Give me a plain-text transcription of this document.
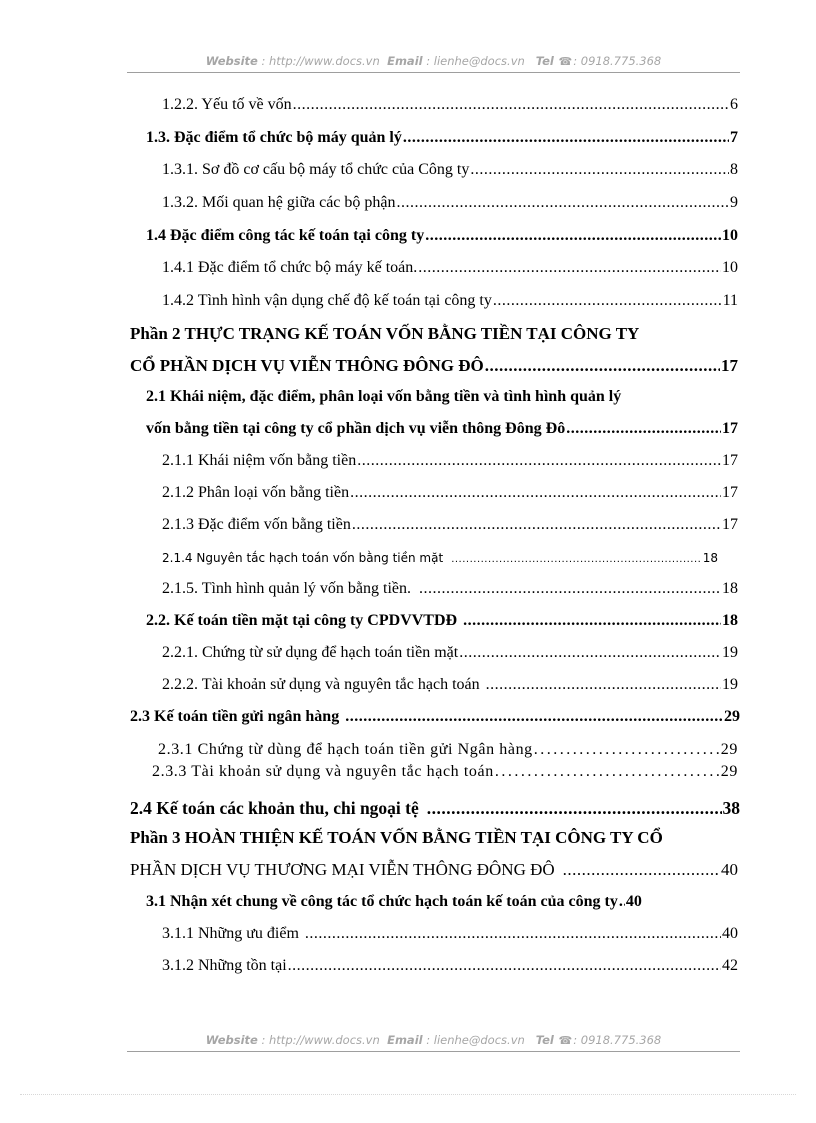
Website : http://www.docs.vn Email : lienhe@docs.vn Tel ☎: 0918.775.368
1.2.2. Yếu tố về vốn .....	6
1.3. Đặc điểm tổ chức bộ máy quản lý .....	7
1.3.1. Sơ đồ cơ cấu bộ máy tổ chức của Công ty .....	8
1.3.2. Mối quan hệ giữa các bộ phận .....	9
1.4 Đặc điểm công tác kế toán tại công ty .....	10
1.4.1 Đặc điểm tổ chức bộ máy kế toán. .....	10
1.4.2 Tình hình vận dụng chế độ kế toán tại công ty .....	11
Phần 2 THỰC TRẠNG KẾ TOÁN VỐN BẰNG TIỀN TẠI CÔNG TY
CỔ PHẦN DỊCH VỤ VIỄN THÔNG ĐÔNG ĐÔ .....	17
2.1 Khái niệm, đặc điểm, phân loại vốn bằng tiền và tình hình quản lý
vốn bằng tiền tại công ty cổ phần dịch vụ viễn thông Đông Đô .....	17
2.1.1 Khái niệm vốn bằng tiền .....	17
2.1.2 Phân loại vốn bằng tiền .....	17
2.1.3 Đặc điểm vốn bằng tiền .....	17
2.1.4 Nguyên tắc hạch toán vốn bằng tiền mặt .....	18
2.1.5. Tình hình quản lý vốn bằng tiền. .....	18
2.2. Kế toán tiền mặt tại công ty CPDVVTDĐ .....	18
2.2.1. Chứng từ sử dụng để hạch toán tiền mặt .....	19
2.2.2. Tài khoản sử dụng và nguyên tắc hạch toán .....	19
2.3 Kế toán tiền gửi ngân hàng .....	29
2.3.1 Chứng từ dùng để hạch toán tiền gửi Ngân hàng .....	29
2.3.3 Tài khoản sử dụng và nguyên tắc hạch toán .....	29
2.4 Kế toán các khoản thu, chi ngoại tệ .....	38
Phần 3 HOÀN THIỆN KẾ TOÁN VỐN BẰNG TIỀN TẠI CÔNG TY CỔ
PHẦN DỊCH VỤ THƯƠNG MẠI VIỄN THÔNG ĐÔNG ĐÔ .....	40
3.1 Nhận xét chung về công tác tổ chức hạch toán kế toán của công ty ..... 40
3.1.1 Những ưu điểm .....	40
3.1.2 Những tồn tại .....	42
Website : http://www.docs.vn Email : lienhe@docs.vn Tel ☎: 0918.775.368
